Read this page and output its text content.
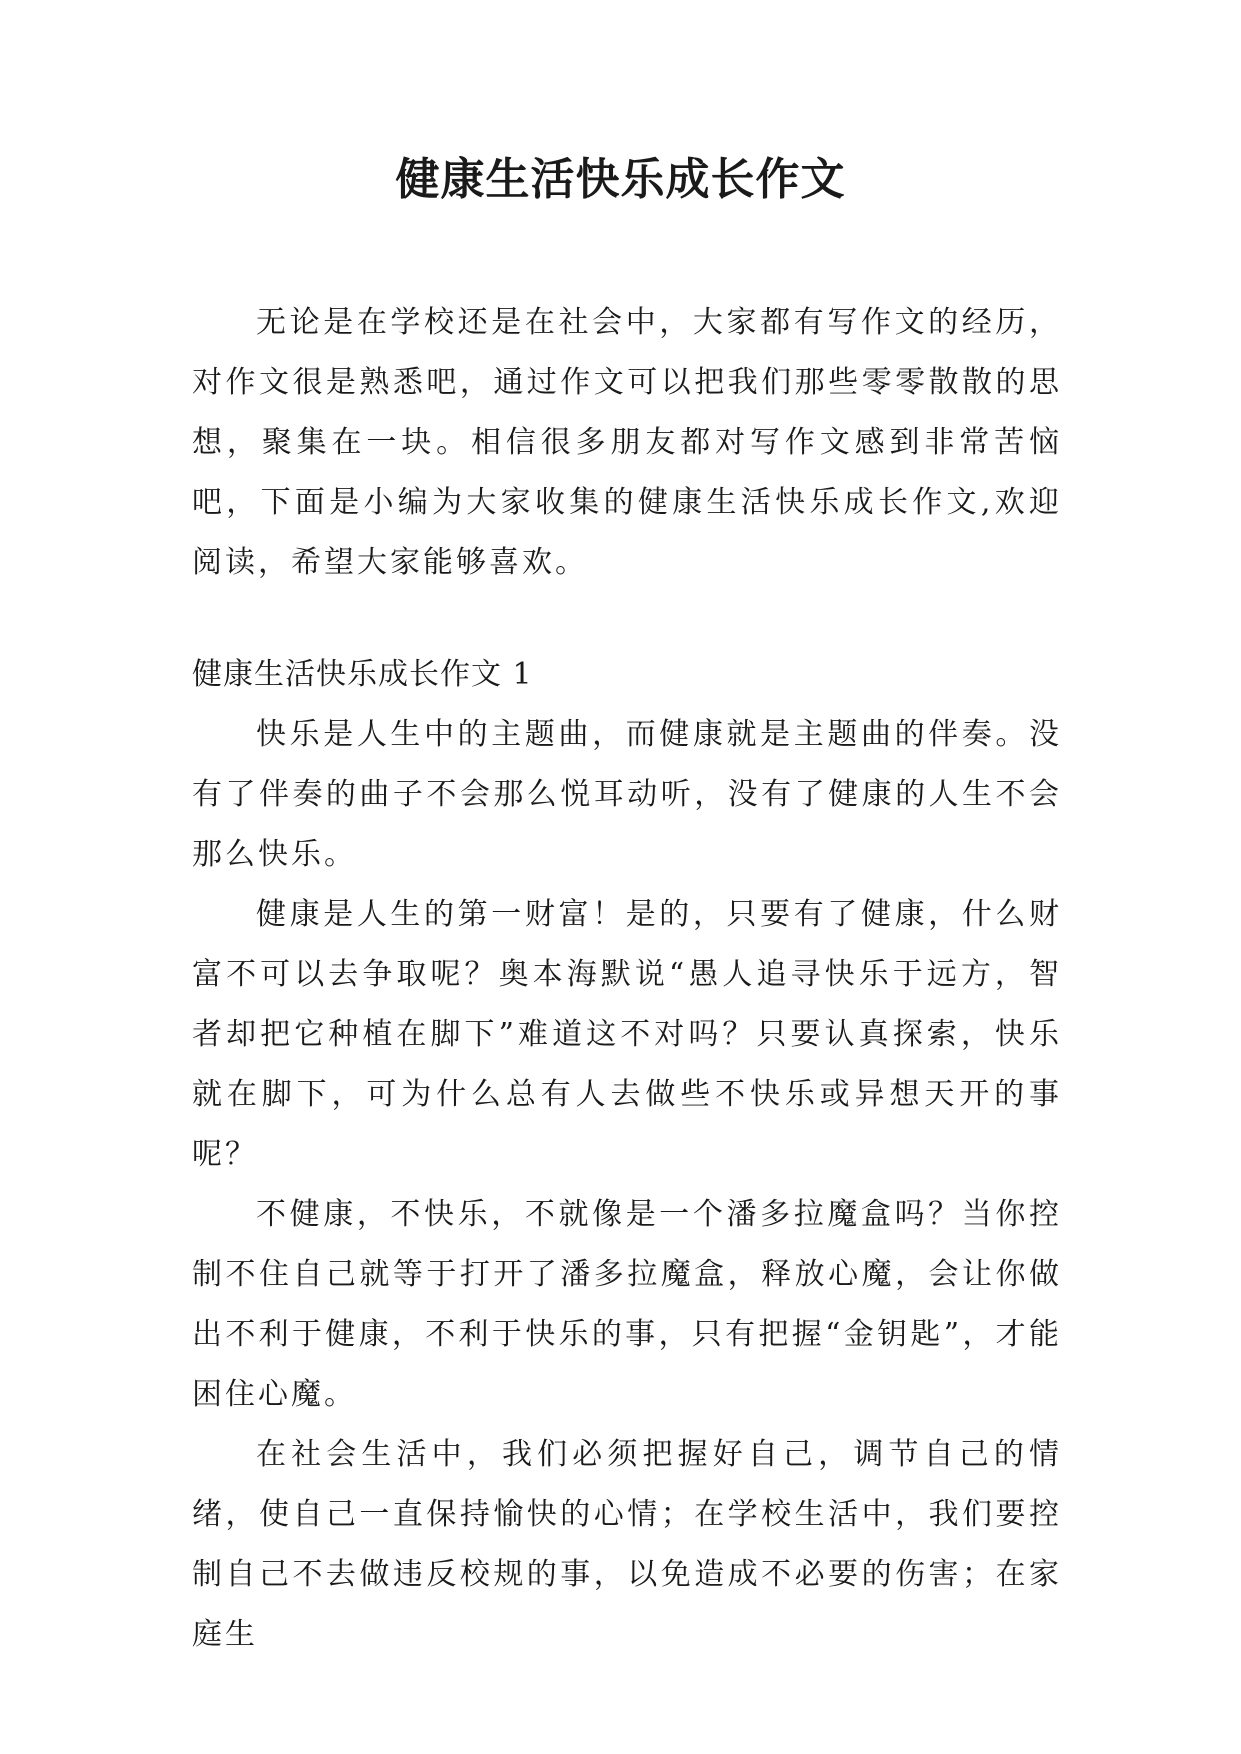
健康生活快乐成长作文

无论是在学校还是在社会中，大家都有写作文的经历，对作文很是熟悉吧，通过作文可以把我们那些零零散散的思想，聚集在一块。相信很多朋友都对写作文感到非常苦恼吧，下面是小编为大家收集的健康生活快乐成长作文,欢迎阅读，希望大家能够喜欢。

健康生活快乐成长作文 1

快乐是人生中的主题曲，而健康就是主题曲的伴奏。没有了伴奏的曲子不会那么悦耳动听，没有了健康的人生不会那么快乐。

健康是人生的第一财富！是的，只要有了健康，什么财富不可以去争取呢？奥本海默说“愚人追寻快乐于远方，智者却把它种植在脚下”难道这不对吗？只要认真探索，快乐就在脚下，可为什么总有人去做些不快乐或异想天开的事呢？

不健康，不快乐，不就像是一个潘多拉魔盒吗？当你控制不住自己就等于打开了潘多拉魔盒，释放心魔，会让你做出不利于健康，不利于快乐的事，只有把握“金钥匙”，才能困住心魔。

在社会生活中，我们必须把握好自己，调节自己的情绪，使自己一直保持愉快的心情；在学校生活中，我们要控制自己不去做违反校规的事，以免造成不必要的伤害；在家庭生
